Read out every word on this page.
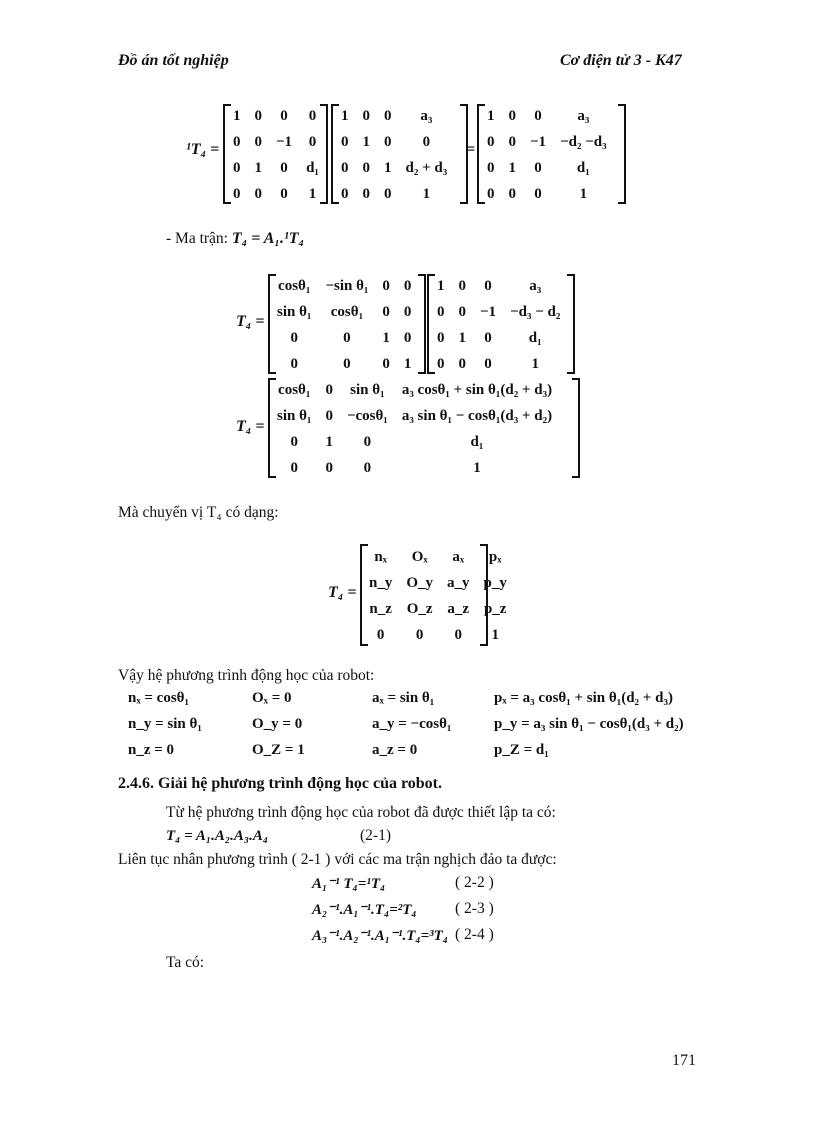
Đồ án tốt nghiệp	Cơ điện tử 3 - K47
¹T₄ =
1	0	0	0
0	0	−1	0
0	1	0	d₁
0	0	0	1
1	0	0	a₃
0	1	0	0
0	0	1	d₂ + d₃
0	0	0	1
=
1	0	0	a₃
0	0	−1	−d₂ −d₃
0	1	0	d₁
0	0	0	1
- Ma trận: T₄ = A₁.¹T₄
T₄ =
cosθ₁	−sin θ₁	0	0
sin θ₁	cosθ₁	0	0
0	0	1	0
0	0	0	1
1	0	0	a₃
0	0	−1	−d₃ − d₂
0	1	0	d₁
0	0	0	1
T₄ =
cosθ₁	0	sin θ₁	a₃ cosθ₁ + sin θ₁(d₂ + d₃)
sin θ₁	0	−cosθ₁	a₃ sin θ₁ − cosθ₁(d₃ + d₂)
0	1	0	d₁
0	0	0	1
Mà chuyển vị T₄ có dạng:
T₄ =
nₓ	Oₓ	aₓ	pₓ
n_y	O_y	a_y	p_y
n_z	O_z	a_z	p_z
0	0	0	1
Vậy hệ phương trình động học của robot:
nₓ = cosθ₁	Oₓ = 0	aₓ = sin θ₁	pₓ = a₃ cosθ₁ + sin θ₁(d₂ + d₃)
n_y = sin θ₁	O_y = 0	a_y = −cosθ₁	p_y = a₃ sin θ₁ − cosθ₁(d₃ + d₂)
n_z = 0	O_Z = 1	a_z = 0	p_Z = d₁
2.4.6. Giải hệ phương trình động học của robot.
Từ hệ phương trình động học của robot đã được thiết lập ta có:
T₄ = A₁.A₂.A₃.A₄	(2-1)
Liên tục nhân phương trình ( 2-1 ) với các ma trận nghịch đảo ta được:
A₁⁻¹ T₄=¹T₄	( 2-2 )
A₂⁻¹.A₁⁻¹.T₄=²T₄ ( 2-3 )
A₃⁻¹.A₂⁻¹.A₁⁻¹.T₄=³T₄ ( 2-4 )
Ta có:
171
